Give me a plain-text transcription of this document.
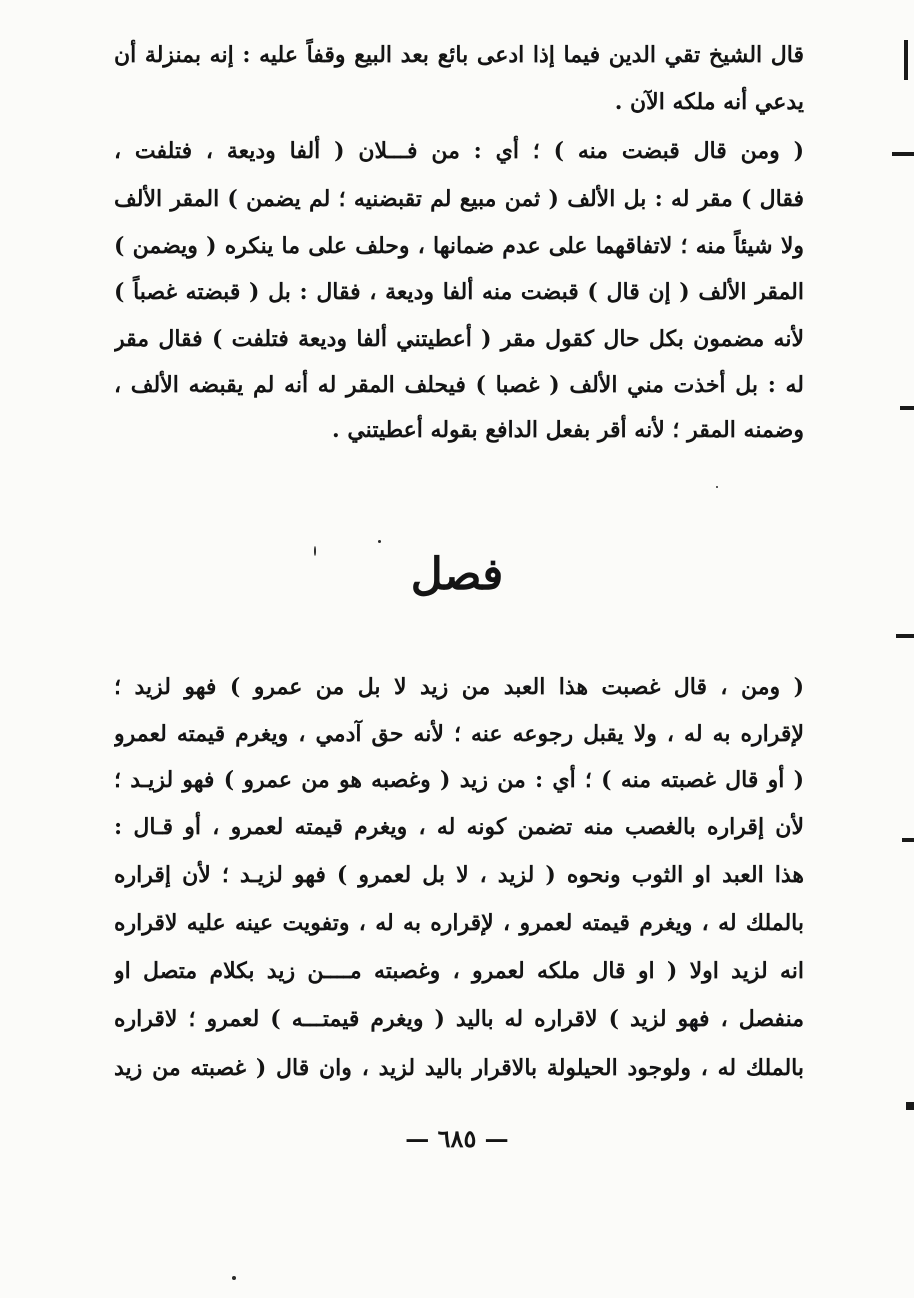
قال الشيخ تقي الدين فيما إذا ادعى بائع بعد البيع وقفاً عليه : إنه بمنزلة أن
يدعي أنه ملكه الآن .
( ومن قال قبضت منه ) ؛ أي : من فـــلان ( ألفا وديعة ، فتلفت ،
فقال ) مقر له : بل الألف ( ثمن مبيع لم تقبضنيه ؛ لم يضمن ) المقر الألف
ولا شيئاً منه ؛ لاتفاقهما على عدم ضمانها ، وحلف على ما ينكره ( ويضمن )
المقر الألف ( إن قال ) قبضت منه ألفا وديعة ، فقال : بل ( قبضته غصباً )
لأنه مضمون بكل حال كقول مقر ( أعطيتني ألفا وديعة فتلفت ) فقال مقر
له : بل أخذت مني الألف ( غصبا ) فيحلف المقر له أنه لم يقبضه الألف ،
وضمنه المقر ؛ لأنه أقر بفعل الدافع بقوله أعطيتني .
فصل
( ومن ، قال غصبت هذا العبد من زيد لا بل من عمرو ) فهو لزيد ؛
لإقراره به له ، ولا يقبل رجوعه عنه ؛ لأنه حق آدمي ، ويغرم قيمته لعمرو
( أو قال غصبته منه ) ؛ أي : من زيد ( وغصبه هو من عمرو ) فهو لزيـد ؛
لأن إقراره بالغصب منه تضمن كونه له ، ويغرم قيمته لعمرو ، أو قـال :
هذا العبد او الثوب ونحوه ( لزيد ، لا بل لعمرو ) فهو لزيـد ؛ لأن إقراره
بالملك له ، ويغرم قيمته لعمرو ، لإقراره به له ، وتفويت عينه عليه لاقراره
انه لزيد اولا ( او قال ملكه لعمرو ، وغصبته مــــن زيد بكلام متصل او
منفصل ، فهو لزيد ) لاقراره له باليد ( ويغرم قيمتـــه ) لعمرو ؛ لاقراره
بالملك له ، ولوجود الحيلولة بالاقرار باليد لزيد ، وان قال ( غصبته من زيد
— ٦٨٥ —
